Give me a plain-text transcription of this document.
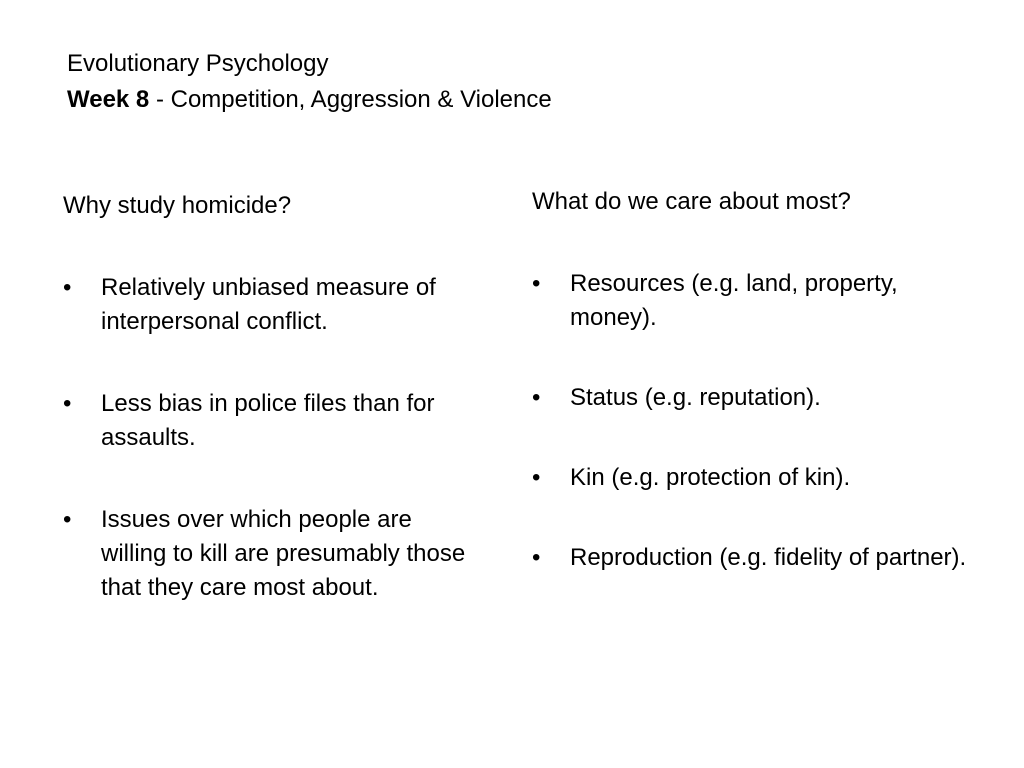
Evolutionary Psychology
Week 8 - Competition, Aggression & Violence
Why study homicide?
•	Relatively unbiased measure of interpersonal conflict.
•	Less bias in police files than for assaults.
•	Issues over which people are willing to kill are presumably those that they care most about.
What do we care about most?
•	Resources (e.g. land, property, money).
•	Status (e.g. reputation).
•	Kin (e.g. protection of kin).
•	Reproduction (e.g. fidelity of partner).
